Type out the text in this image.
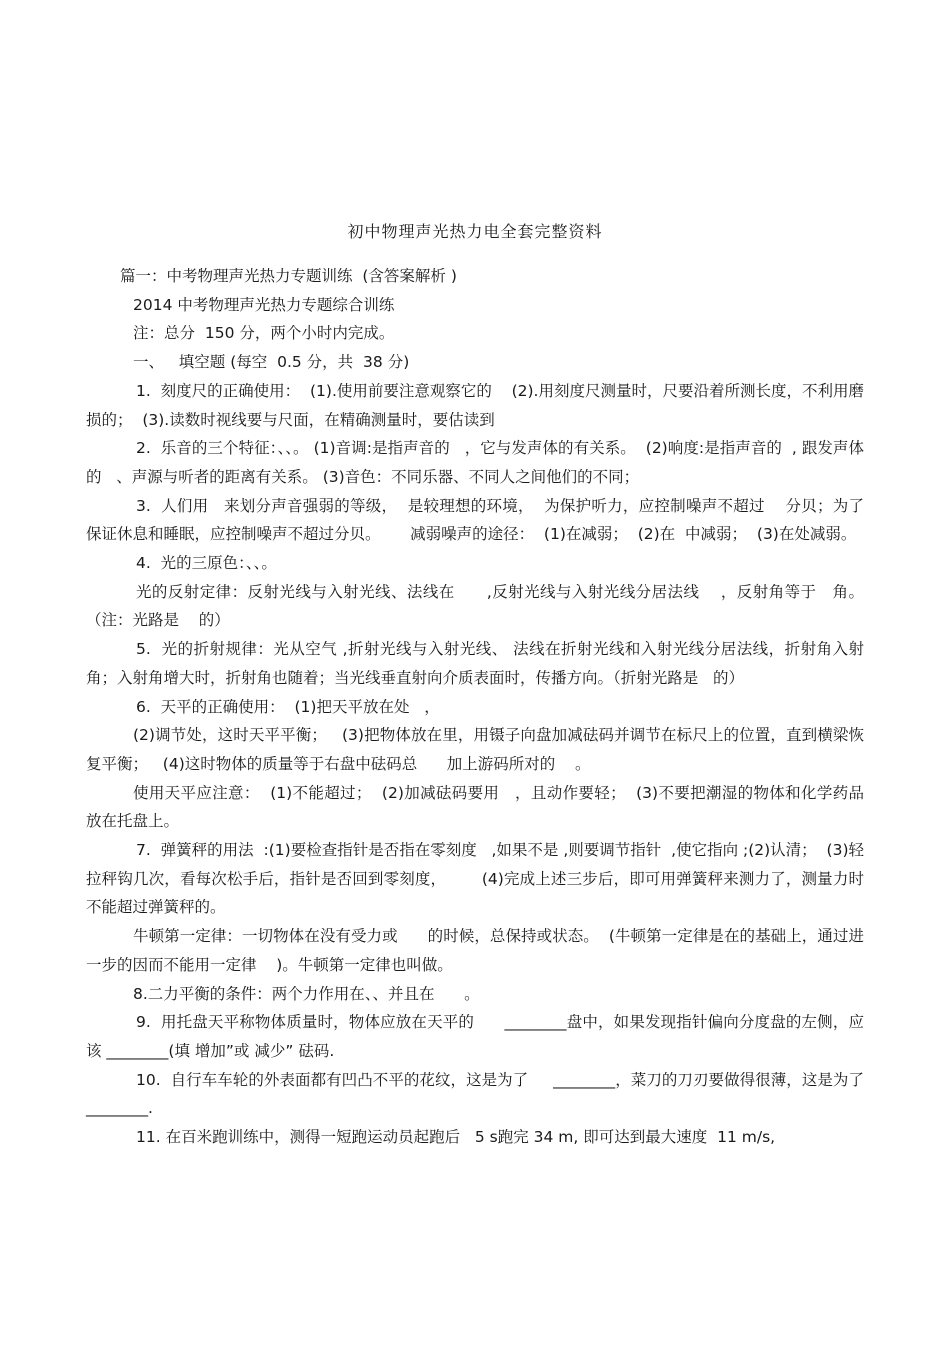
初中物理声光热力电全套完整资料

篇一：中考物理声光热力专题训练  (含答案解析 )

2014 中考物理声光热力专题综合训练

注：总分  150 分，两个小时内完成。

一、   填空题 (每空  0.5 分，共  38 分)

1.  刻度尺的正确使用：  (1).使用前要注意观察它的    (2).用刻度尺测量时，尺要沿着所测长度，不利用磨损的；  (3).读数时视线要与尺面，在精确测量时，要估读到

2.  乐音的三个特征：、、。 (1)音调:是指声音的   ，它与发声体的有关系。  (2)响度:是指声音的  , 跟发声体的   、声源与听者的距离有关系。 (3)音色：不同乐器、不同人之间他们的不同；

3.  人们用   来划分声音强弱的等级，  是较理想的环境，  为保护听力，应控制噪声不超过    分贝；为了保证休息和睡眠，应控制噪声不超过分贝。      减弱噪声的途径：  (1)在减弱；  (2)在  中减弱；  (3)在处减弱。

4.  光的三原色：、、。

光的反射定律：反射光线与入射光线、法线在      ,反射光线与入射光线分居法线    ，反射角等于   角。（注：光路是    的）

5.  光的折射规律：光从空气 ,折射光线与入射光线、 法线在折射光线和入射光线分居法线，折射角入射角；入射角增大时，折射角也随着；当光线垂直射向介质表面时，传播方向。（折射光路是   的）

6.  天平的正确使用：  (1)把天平放在处   ，

(2)调节处，这时天平平衡；   (3)把物体放在里，用镊子向盘加减砝码并调节在标尺上的位置，直到横梁恢复平衡；   (4)这时物体的质量等于右盘中砝码总      加上游码所对的    。

使用天平应注意：  (1)不能超过；  (2)加减砝码要用   ，且动作要轻；  (3)不要把潮湿的物体和化学药品   放在托盘上。

7.  弹簧秤的用法  :(1)要检查指针是否指在零刻度   ,如果不是 ,则要调节指针  ,使它指向 ;(2)认清；  (3)轻拉秤钩几次，看每次松手后，指针是否回到零刻度，       (4)完成上述三步后，即可用弹簧秤来测力了，测量力时不能超过弹簧秤的。

牛顿第一定律：一切物体在没有受力或      的时候，总保持或状态。  (牛顿第一定律是在的基础上，通过进一步的因而不能用一定律    )。牛顿第一定律也叫做。

8.二力平衡的条件：两个力作用在、、并且在      。

9.  用托盘天平称物体质量时，物体应放在天平的      ________盘中，如果发现指针偏向分度盘的左侧，应该 ________(填 增加”或 减少” 砝码.

10.  自行车车轮的外表面都有凹凸不平的花纹，这是为了     ________，菜刀的刀刃要做得很薄，这是为了 ________.

11. 在百米跑训练中，测得一短跑运动员起跑后   5 s跑完 34 m, 即可达到最大速度  11 m/s,
